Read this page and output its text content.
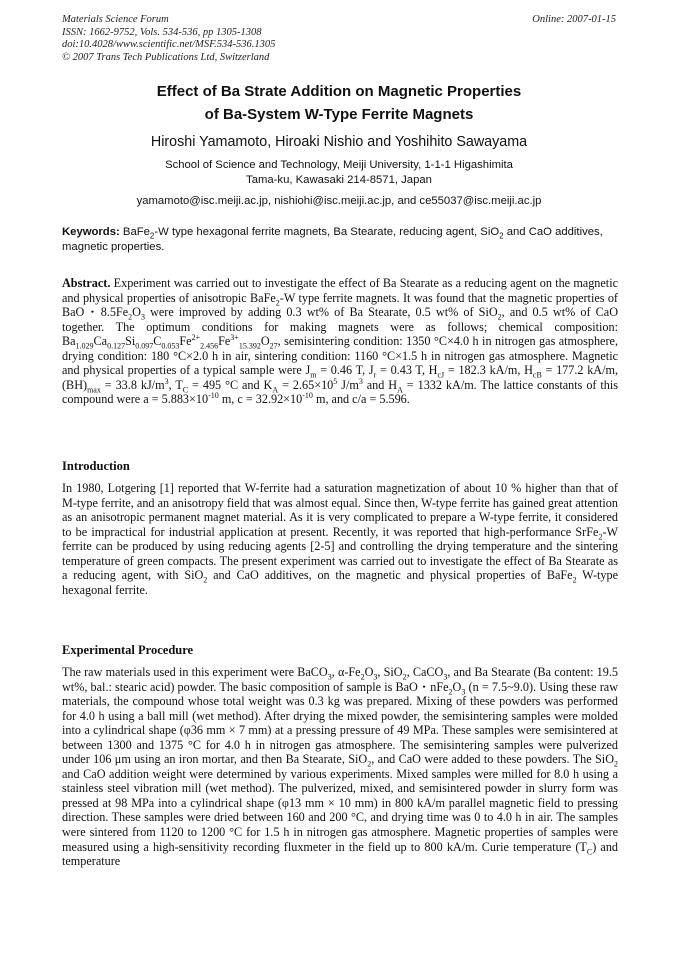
Materials Science Forum
ISSN: 1662-9752, Vols. 534-536, pp 1305-1308
doi:10.4028/www.scientific.net/MSF.534-536.1305
© 2007 Trans Tech Publications Ltd, Switzerland
Online: 2007-01-15
Effect of Ba Strate Addition on Magnetic Properties
of Ba-System W-Type Ferrite Magnets
Hiroshi Yamamoto, Hiroaki Nishio and Yoshihito Sawayama
School of Science and Technology, Meiji University, 1-1-1 Higashimita
Tama-ku, Kawasaki 214-8571, Japan
yamamoto@isc.meiji.ac.jp, nishiohi@isc.meiji.ac.jp, and ce55037@isc.meiji.ac.jp
Keywords: BaFe$_2$-W type hexagonal ferrite magnets, Ba Stearate, reducing agent, SiO$_2$ and CaO additives, magnetic properties.
Abstract. Experiment was carried out to investigate the effect of Ba Stearate as a reducing agent on the magnetic and physical properties of anisotropic BaFe$_2$-W type ferrite magnets. It was found that the magnetic properties of BaO・$8.5Fe_2O_3$ were improved by adding 0.3 wt% of Ba Stearate, 0.5 wt% of SiO$_2$, and 0.5 wt% of CaO together. The optimum conditions for making magnets were as follows; chemical composition: $Ba_{1.029}Ca_{0.127}Si_{0.097}C_{0.053}Fe^{2+}_{2.456}Fe^{3+}_{15.392}O_{27}$, semisintering condition: 1350 °C×4.0 h in nitrogen gas atmosphere, drying condition: 180 °C×2.0 h in air, sintering condition: 1160 °C×1.5 h in nitrogen gas atmosphere. Magnetic and physical properties of a typical sample were $J_m = 0.46$ T, $J_r = 0.43$ T, $H_{cJ} = 182.3$ kA/m, $H_{cB} = 177.2$ kA/m, $(BH)_{max} = 33.8$ $kJ/m^3$, $T_C = 495$ °C and $K_A = 2.65\times 10^5$ $J/m^3$ and $H_A = 1332$ kA/m. The lattice constants of this compound were $a = 5.883\times 10^{-10}$ m, $c = 32.92\times 10^{-10}$ m, and c/a = 5.596.
Introduction
In 1980, Lotgering [1] reported that W-ferrite had a saturation magnetization of about 10 % higher than that of M-type ferrite, and an anisotropy field that was almost equal. Since then, W-type ferrite has gained great attention as an anisotropic permanent magnet material. As it is very complicated to prepare a W-type ferrite, it considered to be impractical for industrial application at present. Recently, it was reported that high-performance SrFe$_2$-W ferrite can be produced by using reducing agents [2-5] and controlling the drying temperature and the sintering temperature of green compacts. The present experiment was carried out to investigate the effect of Ba Stearate as a reducing agent, with SiO$_2$ and CaO additives, on the magnetic and physical properties of BaFe$_2$ W-type hexagonal ferrite.
Experimental Procedure
The raw materials used in this experiment were BaCO$_3$, $\alpha-Fe_2O_3$, SiO$_2$, CaCO$_3$, and Ba Stearate (Ba content: 19.5 wt%, bal.: stearic acid) powder. The basic composition of sample is BaO・$nFe_2O_3$ (n = 7.5~9.0). Using these raw materials, the compound whose total weight was 0.3 kg was prepared. Mixing of these powders was performed for 4.0 h using a ball mill (wet method). After drying the mixed powder, the semisintering samples were molded into a cylindrical shape (φ36 mm × 7 mm) at a pressing pressure of 49 MPa. These samples were semisintered at between 1300 and 1375 °C for 4.0 h in nitrogen gas atmosphere. The semisintering samples were pulverized under 106 μm using an iron mortar, and then Ba Stearate, SiO$_2$, and CaO were added to these powders. The SiO$_2$ and CaO addition weight were determined by various experiments. Mixed samples were milled for 8.0 h using a stainless steel vibration mill (wet method). The pulverized, mixed, and semisintered powder in slurry form was pressed at 98 MPa into a cylindrical shape (φ13 mm × 10 mm) in 800 kA/m parallel magnetic field to pressing direction. These samples were dried between 160 and 200 °C, and drying time was 0 to 4.0 h in air. The samples were sintered from 1120 to 1200 °C for 1.5 h in nitrogen gas atmosphere. Magnetic properties of samples were measured using a high-sensitivity recording fluxmeter in the field up to 800 kA/m. Curie temperature $(T_C)$ and temperature
